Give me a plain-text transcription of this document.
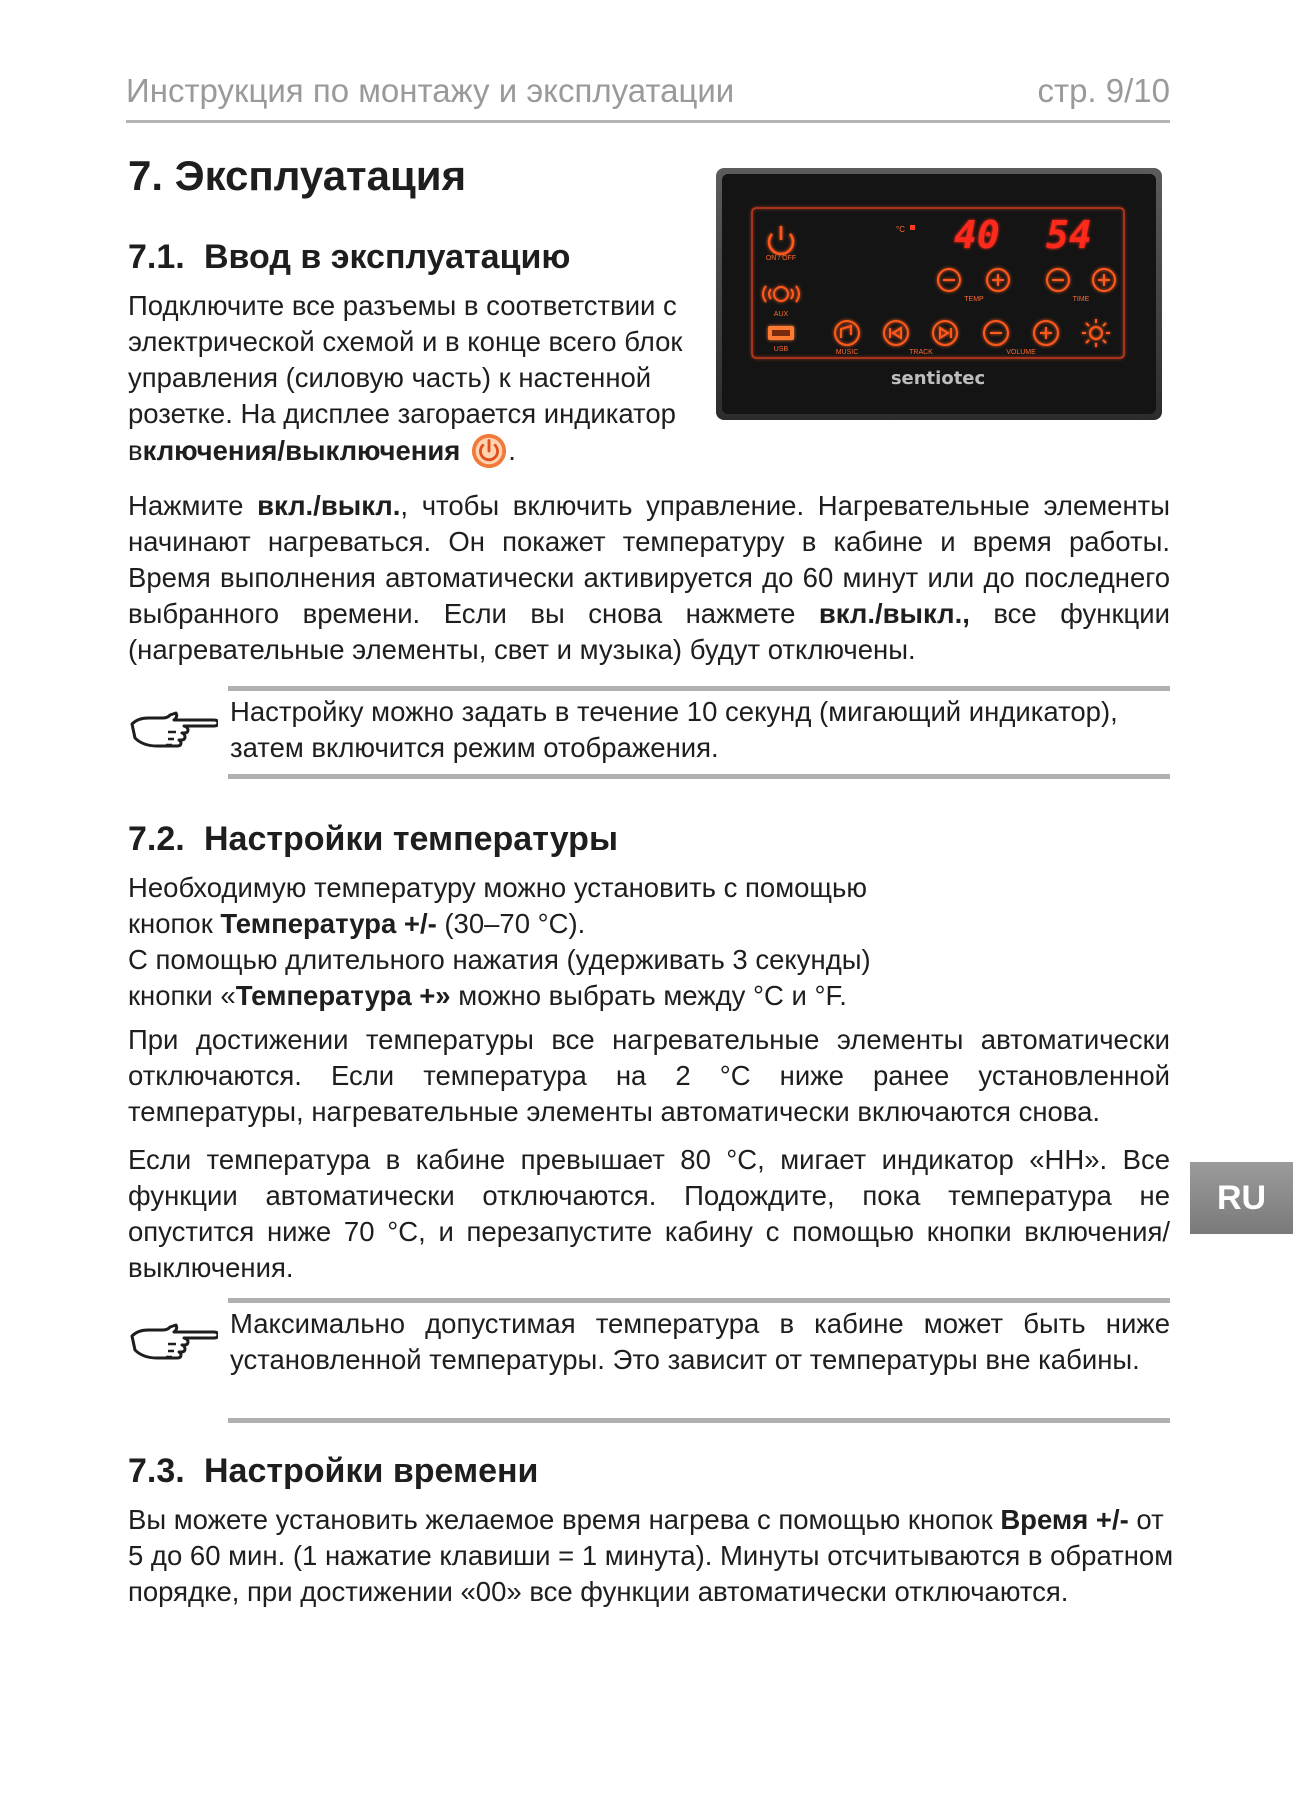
Инструкция по монтажу и эксплуатации	стр. 9/10
7. Эксплуатация
7.1. Ввод в эксплуатацию

Подключите все разъемы в соответствии с электрической схемой и в конце всего блок управления (силовую часть) к настенной розетке. На дисплее загорается индикатор включения/выключения .

ON / OFF
AUX
USB
°C 40 54
TEMP	TIME
MUSIC	TRACK	VOLUME
sentiotec

Нажмите вкл./выкл., чтобы включить управление. Нагревательные элементы начинают нагреваться. Он покажет температуру в кабине и время работы. Время выполнения автоматически активируется до 60 минут или до последнего выбранного времени. Если вы снова нажмете вкл./выкл., все функции (нагревательные элементы, свет и музыка) будут отключены.

Настройку можно задать в течение 10 секунд (мигающий индикатор), затем включится режим отображения.

7.2. Настройки температуры

Необходимую температуру можно установить с помощью кнопок Температура +/- (30–70 °C).

С помощью длительного нажатия (удерживать 3 секунды) кнопки «Температура +» можно выбрать между °C и °F.

При достижении температуры все нагревательные элементы автоматически отключаются. Если температура на 2 °C ниже ранее установленной температуры, нагревательные элементы автоматически включаются снова.

Если температура в кабине превышает 80 °C, мигает индикатор «HH». Все функции автоматически отключаются. Подождите, пока температура не опустится ниже 70 °C, и перезапустите кабину с помощью кнопки включения/выключения.

Максимально допустимая температура в кабине может быть ниже установленной температуры. Это зависит от температуры вне кабины.

7.3. Настройки времени

Вы можете установить желаемое время нагрева с помощью кнопок Время +/- от 5 до 60 мин. (1 нажатие клавиши = 1 минута). Минуты отсчитываются в обратном порядке, при достижении «00» все функции автоматически отключаются.

RU
